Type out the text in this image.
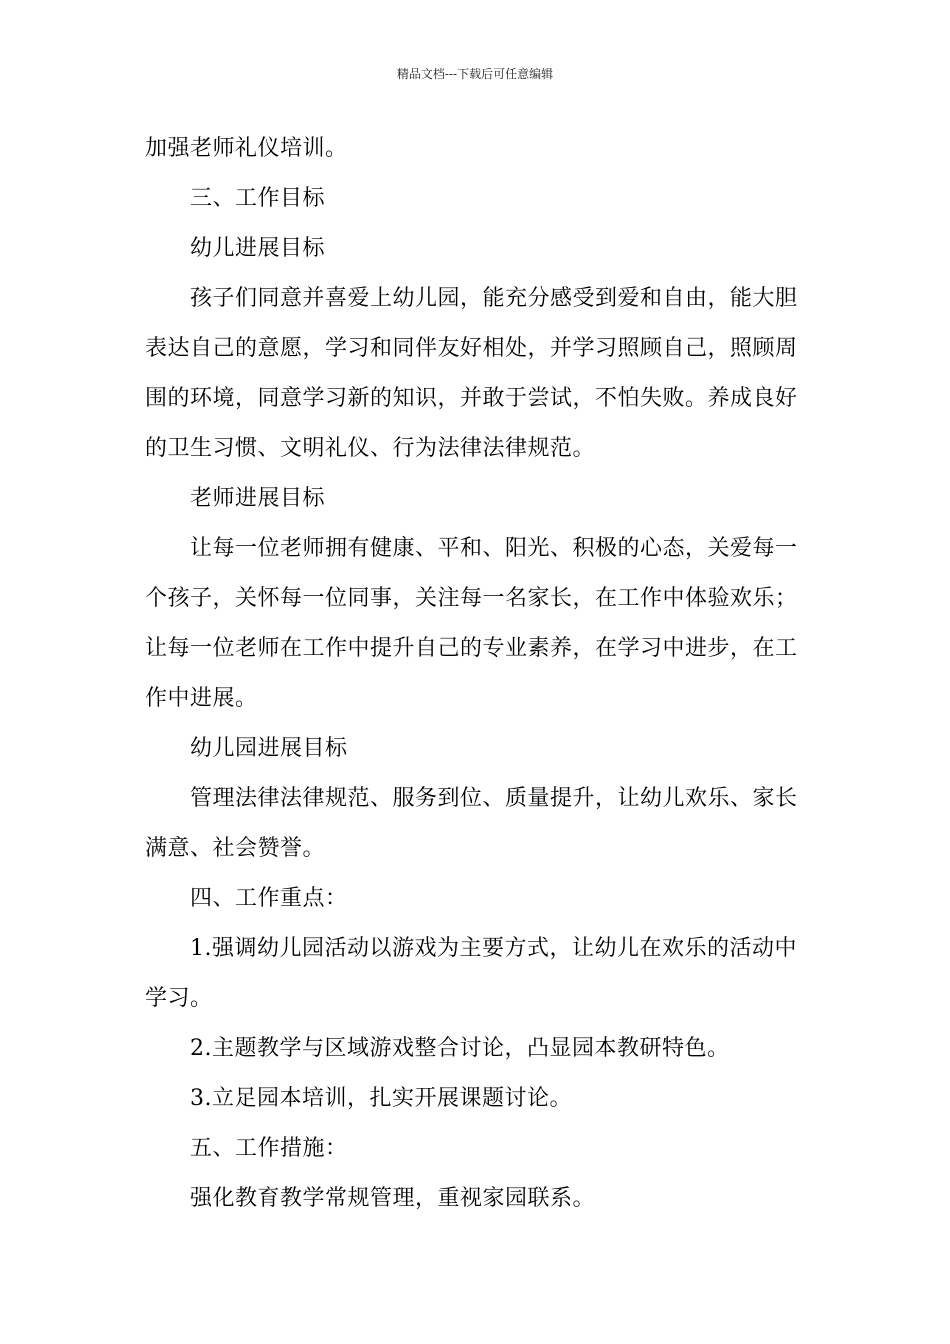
精品文档---下载后可任意编辑

加强老师礼仪培训。

三、工作目标

幼儿进展目标

孩子们同意并喜爱上幼儿园，能充分感受到爱和自由，能大胆表达自己的意愿，学习和同伴友好相处，并学习照顾自己，照顾周围的环境，同意学习新的知识，并敢于尝试，不怕失败。养成良好的卫生习惯、文明礼仪、行为法律法律规范。

老师进展目标

让每一位老师拥有健康、平和、阳光、积极的心态，关爱每一个孩子，关怀每一位同事，关注每一名家长，在工作中体验欢乐；让每一位老师在工作中提升自己的专业素养，在学习中进步，在工作中进展。

幼儿园进展目标

管理法律法律规范、服务到位、质量提升，让幼儿欢乐、家长满意、社会赞誉。

四、工作重点：

1.强调幼儿园活动以游戏为主要方式，让幼儿在欢乐的活动中学习。

2.主题教学与区域游戏整合讨论，凸显园本教研特色。

3.立足园本培训，扎实开展课题讨论。

五、工作措施：

强化教育教学常规管理，重视家园联系。
